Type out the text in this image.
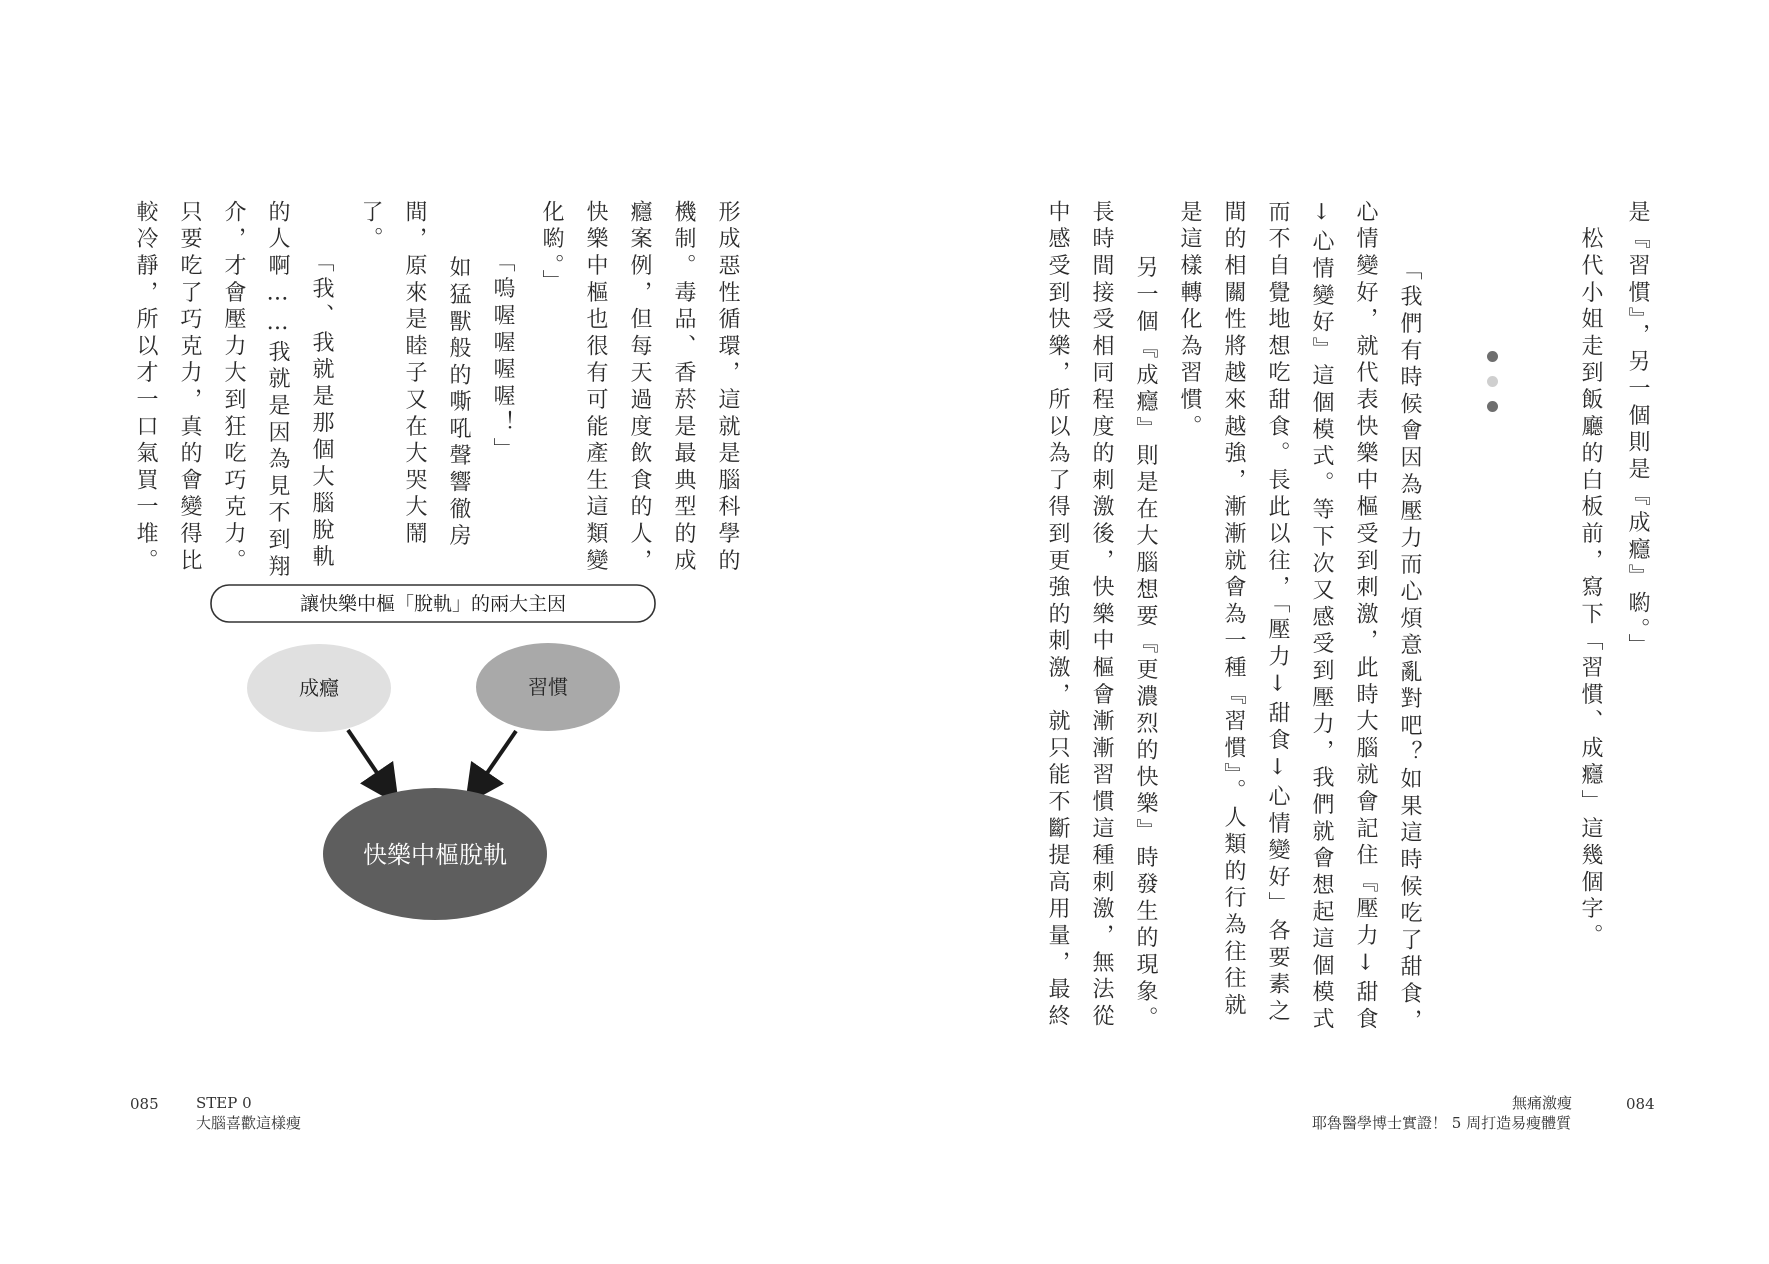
是『習慣』，另一個則是『成癮』喲。」

　松代小姐走到飯廳的白板前，寫下「習慣、成癮」這幾個字。

「我們有時候會因為壓力而心煩意亂對吧？如果這時候吃了甜食，

心情變好，就代表快樂中樞受到刺激，此時大腦就會記住『壓力↓甜食

↓心情變好』這個模式。等下次又感受到壓力，我們就會想起這個模式

而不自覺地想吃甜食。長此以往，「壓力↓甜食↓心情變好」各要素之

間的相關性將越來越強，漸漸就會為一種『習慣』。人類的行為往往就

是這樣轉化為習慣。

　另一個『成癮』則是在大腦想要『更濃烈的快樂』時發生的現象。

長時間接受相同程度的刺激後，快樂中樞會漸漸習慣這種刺激，無法從

中感受到快樂，所以為了得到更強的刺激，就只能不斷提高用量，最終

無痛激瘦
耶魯醫學博士實證！ 5 周打造易瘦體質
084

形成惡性循環，這就是腦科學的

機制。毒品、香菸是最典型的成

癮案例，但每天過度飲食的人，

快樂中樞也很有可能產生這類變

化喲。」

「嗚喔喔喔喔！」

　如猛獸般的嘶吼聲響徹房

間，原來是睦子又在大哭大鬧

了。

「我、我就是那個大腦脫軌

的人啊……我就是因為見不到翔

介，才會壓力大到狂吃巧克力。

只要吃了巧克力，真的會變得比

較冷靜，所以才一口氣買一堆。

讓快樂中樞「脫軌」的兩大主因
成癮	習慣
快樂中樞脫軌
085 STEP 0
大腦喜歡這樣瘦
